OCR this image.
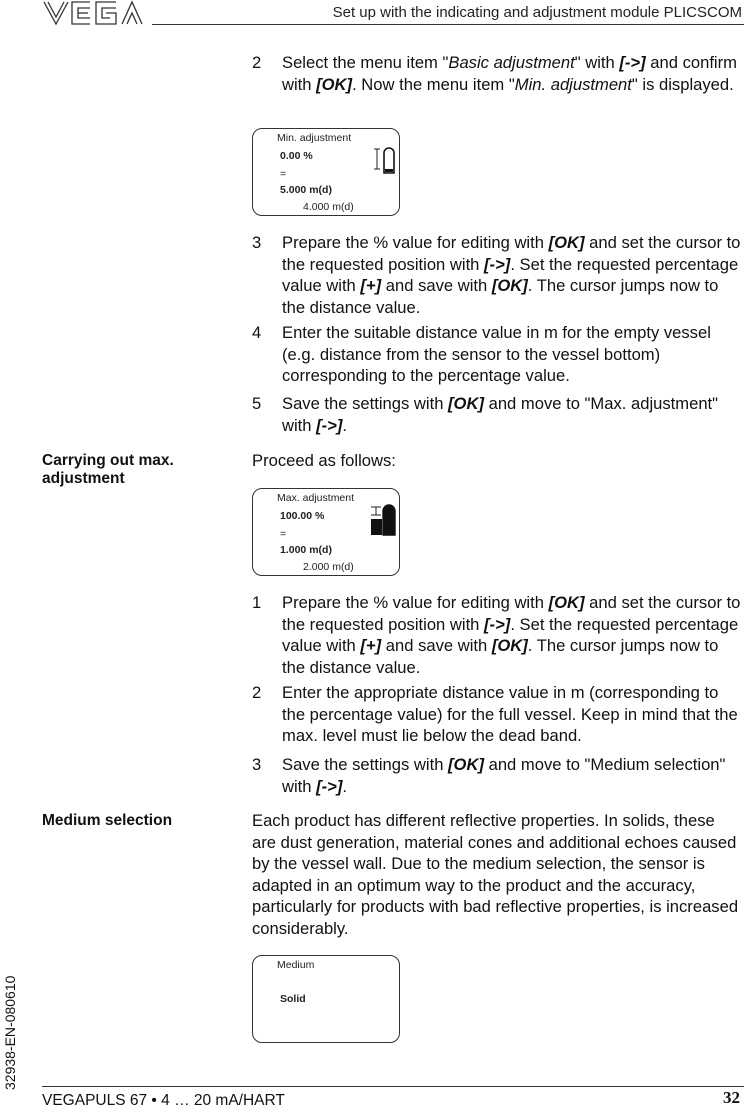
VEGA
Set up with the indicating and adjustment module PLICSCOM
2 Select the menu item "Basic adjustment" with [->] and confirm with [OK]. Now the menu item "Min. adjustment" is displayed.
Min. adjustment
0.00 %
=
5.000 m(d)
4.000 m(d)
3 Prepare the % value for editing with [OK] and set the cursor to the requested position with [->]. Set the requested percentage value with [+] and save with [OK]. The cursor jumps now to the distance value.
4 Enter the suitable distance value in m for the empty vessel (e.g. distance from the sensor to the vessel bottom) corresponding to the percentage value.
5 Save the settings with [OK] and move to "Max. adjustment" with [->].
Carrying out max. adjustment
Proceed as follows:
Max. adjustment
100.00 %
=
1.000 m(d)
2.000 m(d)
1 Prepare the % value for editing with [OK] and set the cursor to the requested position with [->]. Set the requested percentage value with [+] and save with [OK]. The cursor jumps now to the distance value.
2 Enter the appropriate distance value in m (corresponding to the percentage value) for the full vessel. Keep in mind that the max. level must lie below the dead band.
3 Save the settings with [OK] and move to "Medium selection" with [->].
Medium selection	Each product has different reflective properties. In solids, these are dust generation, material cones and additional echoes caused by the vessel wall. Due to the medium selection, the sensor is adapted in an optimum way to the product and the accuracy, particularly for products with bad reflective properties, is increased considerably.
Medium
Solid
32938-EN-080610
VEGAPULS 67 • 4 … 20 mA/HART	32
